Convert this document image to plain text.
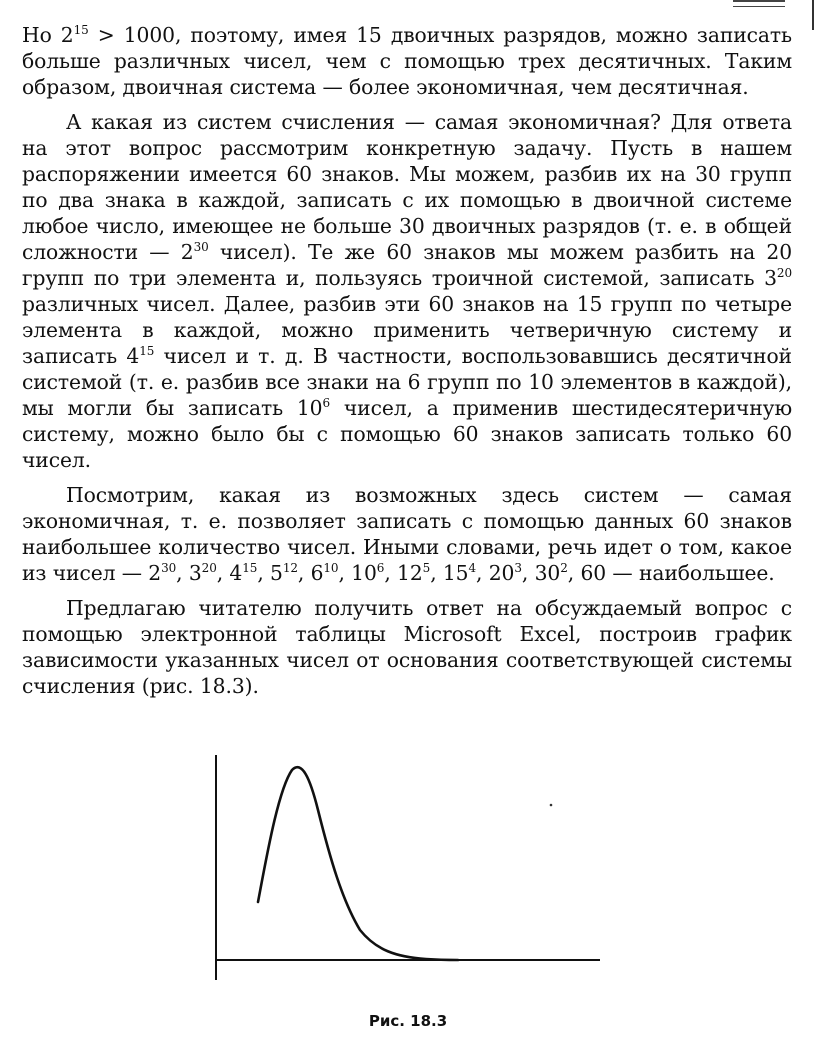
Но $2^{15} > 1000$, поэтому, имея 15 двоичных разрядов, можно записать больше различных чисел, чем с помощью трех десятичных. Таким образом, двоичная система — более экономичная, чем десятичная.

А какая из систем счисления — самая экономичная? Для ответа на этот вопрос рассмотрим конкретную задачу. Пусть в нашем распоряжении имеется 60 знаков. Мы можем, разбив их на 30 групп по два знака в каждой, записать с их помощью в двоичной системе любое число, имеющее не больше 30 двоичных разрядов (т. е. в общей сложности — $2^{30}$ чисел). Те же 60 знаков мы можем разбить на 20 групп по три элемента и, пользуясь троичной системой, записать $3^{20}$ различных чисел. Далее, разбив эти 60 знаков на 15 групп по четыре элемента в каждой, можно применить четверичную систему и записать $4^{15}$ чисел и т. д. В частности, воспользовавшись десятичной системой (т. е. разбив все знаки на 6 групп по 10 элементов в каждой), мы могли бы записать $10^6$ чисел, а применив шестидесятеричную систему, можно было бы с помощью 60 знаков записать только 60 чисел.

Посмотрим, какая из возможных здесь систем — самая экономичная, т. е. позволяет записать с помощью данных 60 знаков наибольшее количество чисел. Иными словами, речь идет о том, какое из чисел — $2^{30}$, $3^{20}$, $4^{15}$, $5^{12}$, $6^{10}$, $10^6$, $12^5$, $15^4$, $20^3$, $30^2$, 60 — наибольшее.

Предлагаю читателю получить ответ на обсуждаемый вопрос с помощью электронной таблицы Microsoft Excel, построив график зависимости указанных чисел от основания соответствующей системы счисления (рис. 18.3).

Рис. 18.3
